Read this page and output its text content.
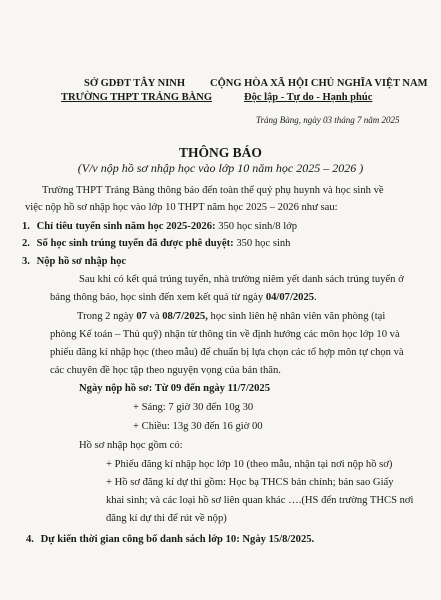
SỞ GDĐT TÂY NINH
TRƯỜNG THPT TRẢNG BÀNG
CỘNG HÒA XÃ HỘI CHỦ NGHĨA VIỆT NAM
Độc lập - Tự do - Hạnh phúc
Trảng Bàng, ngày 03 tháng 7 năm 2025
THÔNG BÁO
(V/v nộp hồ sơ nhập học vào lớp 10 năm học 2025 – 2026 )
Trường THPT Trảng Bàng thông báo đến toàn thể quý phụ huynh và học sinh về
việc nộp hồ sơ nhập học vào lớp 10 THPT năm học 2025 – 2026 như sau:
1. Chỉ tiêu tuyển sinh năm học 2025-2026: 350 học sinh/8 lớp
2. Số học sinh trúng tuyển đã được phê duyệt: 350 học sinh
3. Nộp hồ sơ nhập học
Sau khi có kết quả trúng tuyển, nhà trường niêm yết danh sách trúng tuyển ở
bảng thông báo, học sinh đến xem kết quả từ ngày 04/07/2025.
Trong 2 ngày 07 và 08/7/2025, học sinh liên hệ nhân viên văn phòng (tại
phòng Kế toán – Thủ quỹ) nhận từ thông tin về định hướng các môn học lớp 10 và
phiếu đăng kí nhập học (theo mẫu) để chuẩn bị lựa chọn các tổ hợp môn tự chọn và
các chuyên đề học tập theo nguyện vọng của bản thân.
Ngày nộp hồ sơ: Từ 09 đến ngày 11/7/2025
+ Sáng: 7 giờ 30 đến 10g 30
+ Chiều: 13g 30 đến 16 giờ 00
Hồ sơ nhập học gồm có:
+ Phiếu đăng kí nhập học lớp 10 (theo mẫu, nhận tại nơi nộp hồ sơ)
+ Hồ sơ đăng kí dự thi gồm: Học bạ THCS bản chính; bản sao Giấy
khai sinh; và các loại hồ sơ liên quan khác ….(HS đến trường THCS nơi
đăng kí dự thi để rút về nộp)
4. Dự kiến thời gian công bố danh sách lớp 10: Ngày 15/8/2025.
